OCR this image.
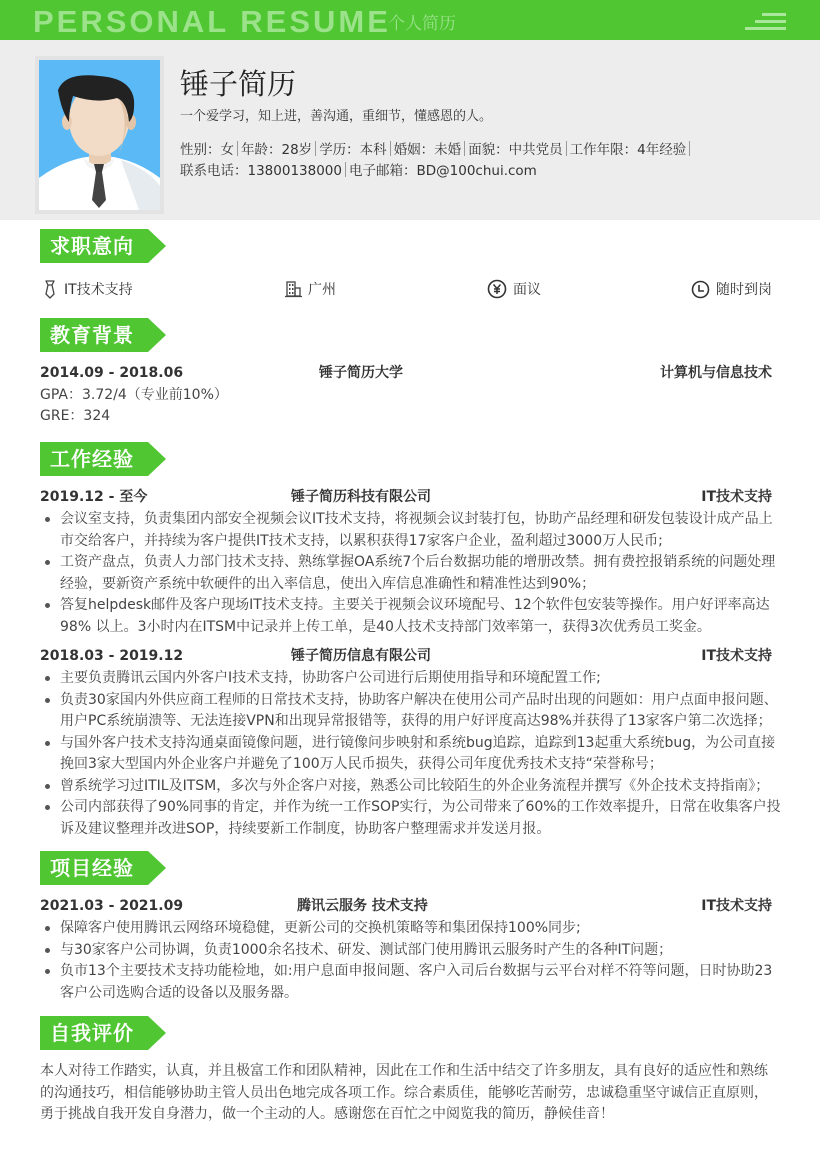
PERSONAL RESUME
个人简历
锤子简历
一个爱学习，知上进，善沟通，重细节，懂感恩的人。
性别：女 年龄：28岁 学历：本科 婚姻：未婚 面貌：中共党员 工作年限：4年经验
联系电话：13800138000 电子邮箱：BD@100chui.com
求职意向
IT技术支持	广州	面议	随时到岗
教育背景
2014.09 - 2018.06	锤子简历大学	计算机与信息技术
GPA：3.72/4（专业前10%）
GRE：324
工作经验
2019.12 - 至今	锤子简历科技有限公司	IT技术支持
会议室支持，负责集团内部安全视频会议IT技术支持，将视频会议封装打包，协助产品经理和研发包装设计成产品上市交给客户，并持续为客户提供IT技术支持，以累积获得17家客户企业，盈利超过3000万人民币;
工资产盘点，负责人力部门技术支持、熟练掌握OA系统7个后台数据功能的增册改禁。拥有费控报销系统的问题处理经验，要新资产系统中软硬件的出入率信息，使出入库信息准确性和精准性达到90%；
答复helpdesk邮件及客户现场IT技术支持。主要关于视频会议环境配号、12个软件包安装等操作。用户好评率高达98% 以上。3小时内在ITSM中记录并上传工单，是40人技术支持部门效率第一，获得3次优秀员工奖金。
2018.03 - 2019.12	锤子简历信息有限公司	IT技术支持
主要负责腾讯云国内外客户I技术支持，协助客户公司进行后期使用指导和环境配置工作;
负责30家国内外供应商工程师的日常技术支持，协助客户解决在使用公司产品时出现的问题如：用户点面申报问题、用户PC系统崩溃等、无法连接VPN和出现异常报错等，获得的用户好评度高达98%并获得了13家客户第二次选择；
与国外客户技术支持沟通桌面镜像问题，进行镜像问步映射和系统bug追踪，追踪到13起重大系统bug，为公司直接挽回3家大型国内外企业客户并避免了100万人民币损失，获得公司年度优秀技术支持“荣誉称号；
曾系统学习过ITIL及ITSM，多次与外企客户对接，熟悉公司比较陌生的外企业务流程并撰写《外企技术支持指南》；
公司内部获得了90%同事的肯定，并作为统一工作SOP实行，为公司带来了60%的工作效率提升，日常在收集客户投诉及建议整理并改进SOP，持续要新工作制度，协助客户整理需求并发送月报。
项目经验
2021.03 - 2021.09	腾讯云服务 技术支持	IT技术支持
保障客户使用腾讯云网络环境稳健，更新公司的交换机策略等和集团保持100%同步;
与30家客户公司协调，负责1000余名技术、研发、测试部门使用腾讯云服务时产生的各种IT问题；
负市13个主要技术支持功能检地，如:用户息面申报间题、客户入司后台数据与云平台对样不符等问题，日时协助23客户公司选购合适的设备以及服务器。
自我评价
本人对待工作踏实，认真，并且极富工作和团队精神，因此在工作和生活中结交了许多朋友，具有良好的适应性和熟练的沟通技巧，相信能够协助主管人员出色地完成各项工作。综合素质佳，能够吃苦耐劳，忠诚稳重坚守诚信正直原则，勇于挑战自我开发自身潜力，做一个主动的人。感谢您在百忙之中阅览我的简历，静候佳音！
